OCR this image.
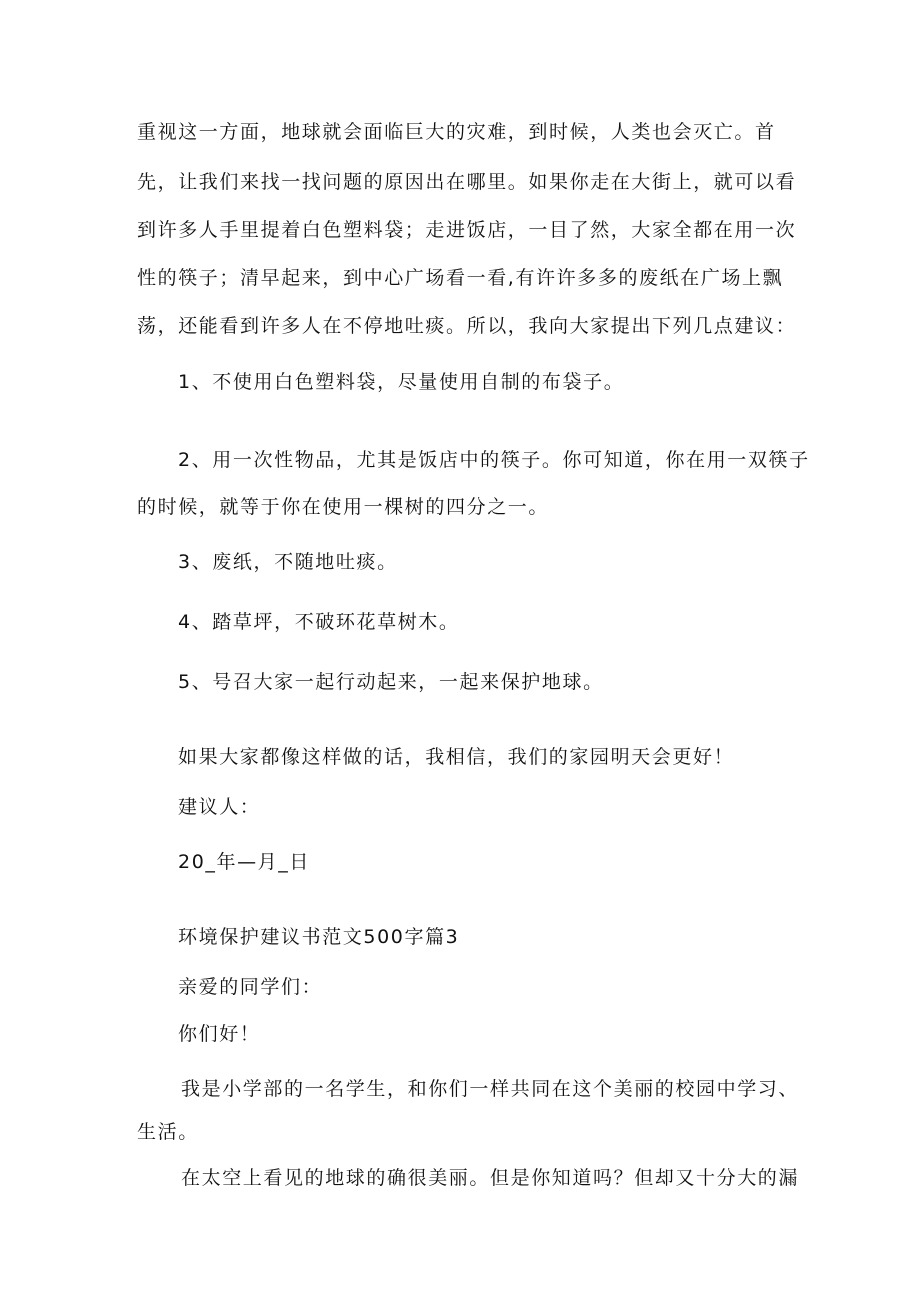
重视这一方面，地球就会面临巨大的灾难，到时候，人类也会灭亡。首
先，让我们来找一找问题的原因出在哪里。如果你走在大街上，就可以看
到许多人手里提着白色塑料袋；走进饭店，一目了然，大家全都在用一次
性的筷子；清早起来，到中心广场看一看,有许许多多的废纸在广场上飘
荡，还能看到许多人在不停地吐痰。所以，我向大家提出下列几点建议：
1、不使用白色塑料袋，尽量使用自制的布袋子。
2、用一次性物品，尤其是饭店中的筷子。你可知道，你在用一双筷子
的时候，就等于你在使用一棵树的四分之一。
3、废纸，不随地吐痰。
4、踏草坪，不破环花草树木。
5、号召大家一起行动起来，一起来保护地球。
如果大家都像这样做的话，我相信，我们的家园明天会更好！
建议人：
20_年—月_日
环境保护建议书范文500字篇3
亲爱的同学们：
你们好！
我是小学部的一名学生，和你们一样共同在这个美丽的校园中学习、
生活。
在太空上看见的地球的确很美丽。但是你知道吗？但却又十分大的漏
